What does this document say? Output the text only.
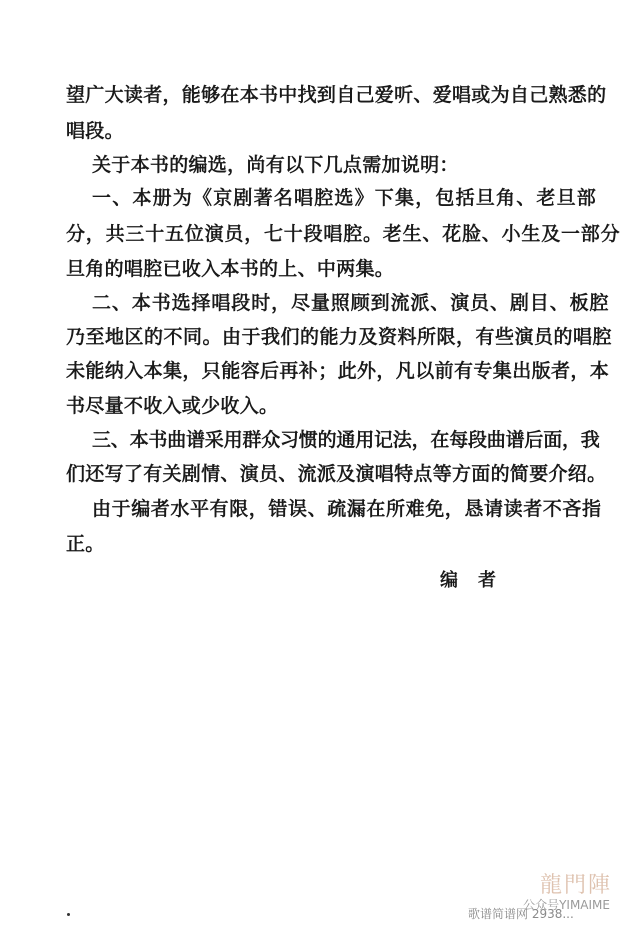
望广大读者，能够在本书中找到自己爱听、爱唱或为自己熟悉的
唱段。
关于本书的编选，尚有以下几点需加说明：
一、本册为《京剧著名唱腔选》下集，包括旦角、老旦部
分，共三十五位演员，七十段唱腔。老生、花脸、小生及一部分
旦角的唱腔已收入本书的上、中两集。
二、本书选择唱段时，尽量照顾到流派、演员、剧目、板腔
乃至地区的不同。由于我们的能力及资料所限，有些演员的唱腔
未能纳入本集，只能容后再补；此外，凡以前有专集出版者，本
书尽量不收入或少收入。
三、本书曲谱采用群众习惯的通用记法，在每段曲谱后面，我
们还写了有关剧情、演员、流派及演唱特点等方面的简要介绍。
由于编者水平有限，错误、疏漏在所难免，恳请读者不吝指
正。
编者
龍門陣
公众号YIMAIME
歌谱简谱网 2938...
